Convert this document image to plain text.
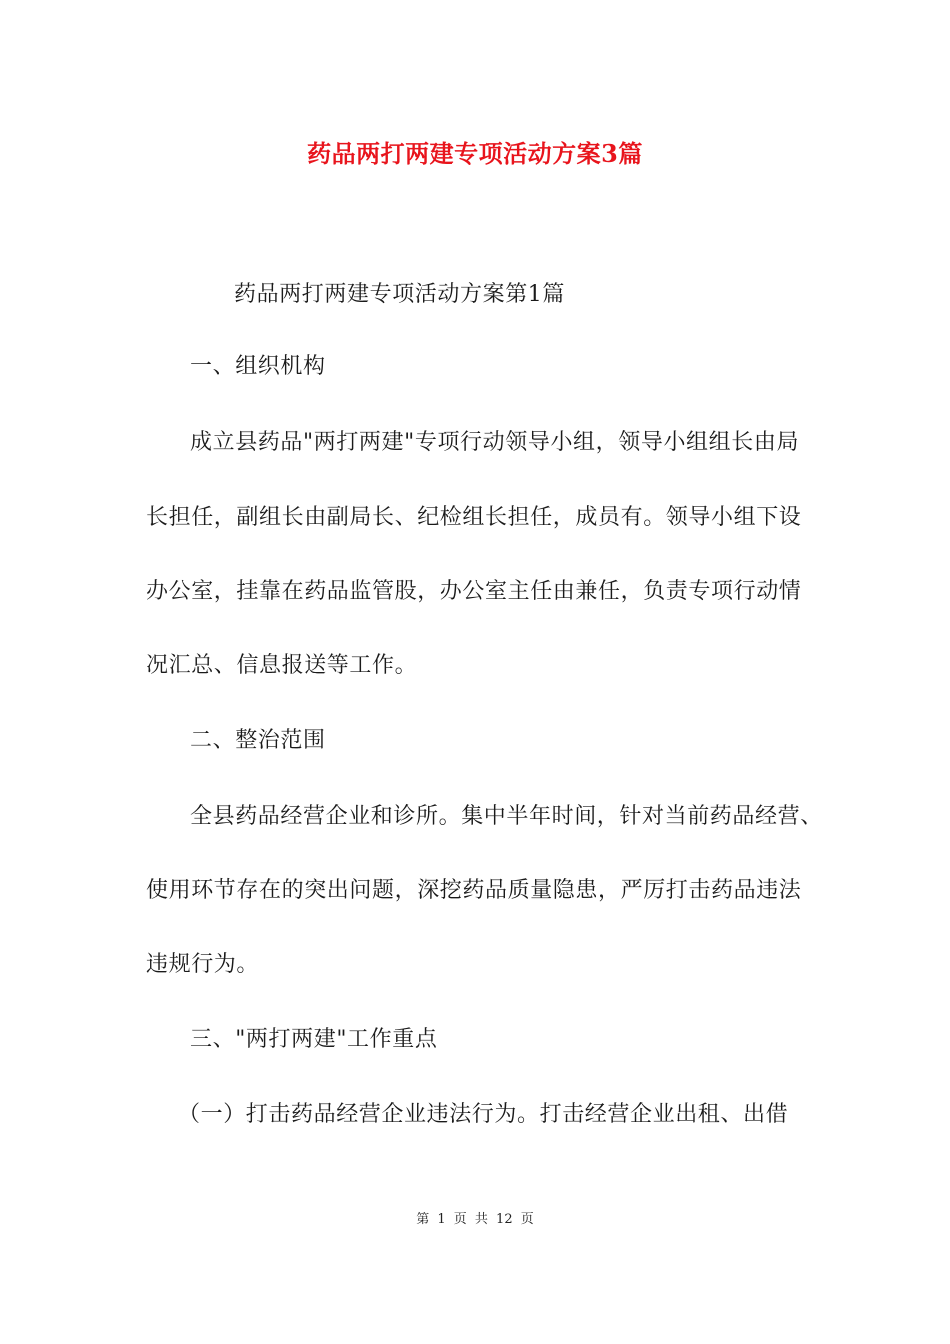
药品两打两建专项活动方案3篇
药品两打两建专项活动方案第1篇
一、组织机构
成立县药品"两打两建"专项行动领导小组，领导小组组长由局
长担任，副组长由副局长、纪检组长担任，成员有。领导小组下设
办公室，挂靠在药品监管股，办公室主任由兼任，负责专项行动情
况汇总、信息报送等工作。
二、整治范围
全县药品经营企业和诊所。集中半年时间，针对当前药品经营、
使用环节存在的突出问题，深挖药品质量隐患，严厉打击药品违法
违规行为。
三、"两打两建"工作重点
（一）打击药品经营企业违法行为。打击经营企业出租、出借
第 1 页 共 12 页
